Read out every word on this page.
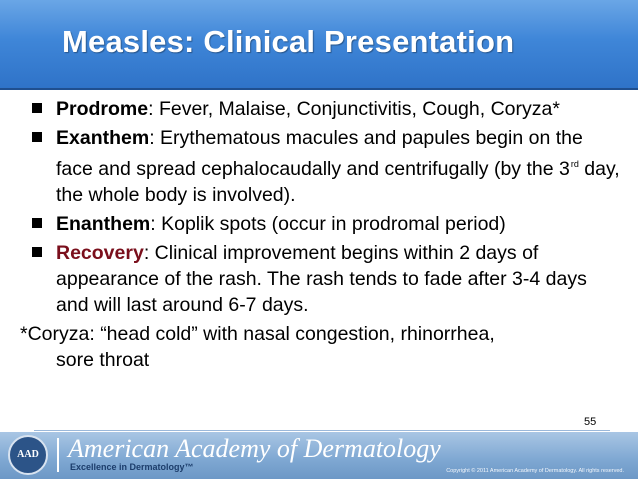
Measles: Clinical Presentation
Prodrome: Fever, Malaise, Conjunctivitis, Cough, Coryza*
Exanthem: Erythematous macules and papules begin on the face and spread cephalocaudally and centrifugally (by the 3rd day, the whole body is involved).
Enanthem: Koplik spots (occur in prodromal period)
Recovery: Clinical improvement begins within 2 days of appearance of the rash. The rash tends to fade after 3-4 days and will last around 6-7 days.
*Coryza: “head cold” with nasal congestion, rhinorrhea,
sore throat
55
AAD American Academy of Dermatology
Excellence in Dermatology™	Copyright © 2011 American Academy of Dermatology. All rights reserved.
